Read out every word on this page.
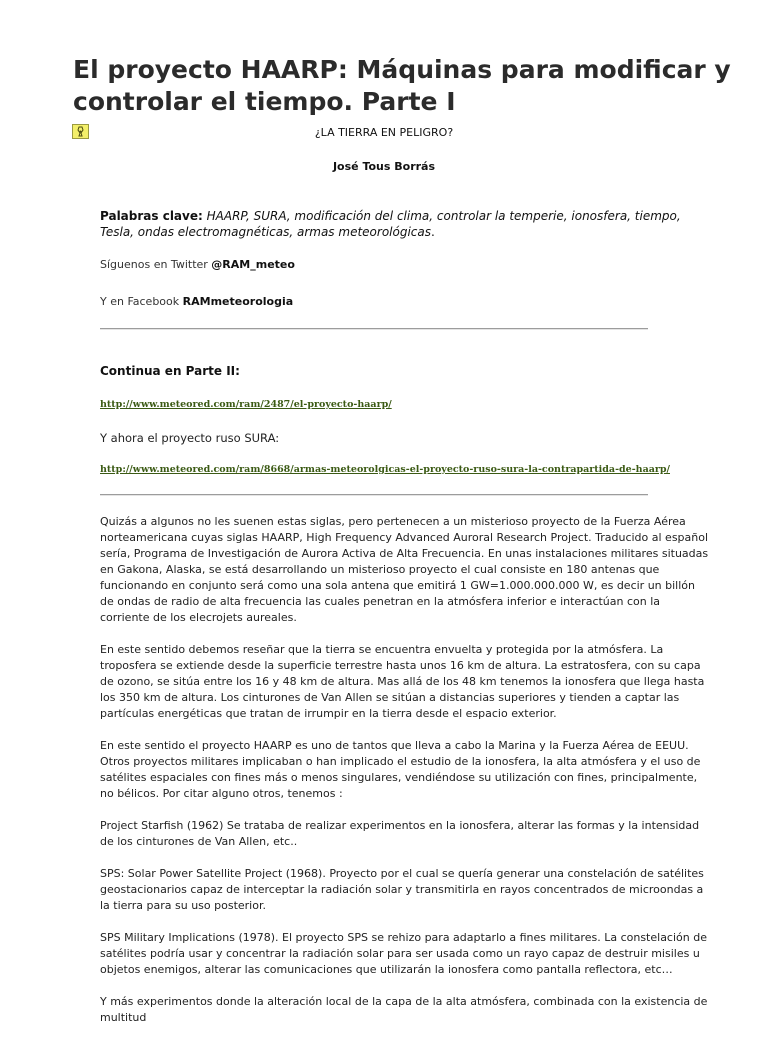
El proyecto HAARP: Máquinas para modificar y controlar el tiempo. Parte I
¿LA TIERRA EN PELIGRO?
José Tous Borrás
Palabras clave: HAARP, SURA, modificación del clima, controlar la temperie, ionosfera, tiempo, Tesla, ondas electromagnéticas, armas meteorológicas.
Síguenos en Twitter @RAM_meteo
Y en Facebook RAMmeteorologia
Continua en Parte II:
http://www.meteored.com/ram/2487/el-proyecto-haarp/
Y ahora el proyecto ruso SURA:
http://www.meteored.com/ram/8668/armas-meteorolgicas-el-proyecto-ruso-sura-la-contrapartida-de-haarp/

Quizás a algunos no les suenen estas siglas, pero pertenecen a un misterioso proyecto de la Fuerza Aérea norteamericana cuyas siglas HAARP, High Frequency Advanced Auroral Research Project. Traducido al español sería, Programa de Investigación de Aurora Activa de Alta Frecuencia. En unas instalaciones militares situadas en Gakona, Alaska, se está desarrollando un misterioso proyecto el cual consiste en 180 antenas que funcionando en conjunto será como una sola antena que emitirá 1 GW=1.000.000.000 W, es decir un billón de ondas de radio de alta frecuencia las cuales penetran en la atmósfera inferior e interactúan con la corriente de los elecrojets aureales.

En este sentido debemos reseñar que la tierra se encuentra envuelta y protegida por la atmósfera. La troposfera se extiende desde la superficie terrestre hasta unos 16 km de altura. La estratosfera, con su capa de ozono, se sitúa entre los 16 y 48 km de altura. Mas allá de los 48 km tenemos la ionosfera que llega hasta los 350 km de altura. Los cinturones de Van Allen se sitúan a distancias superiores y tienden a captar las partículas energéticas que tratan de irrumpir en la tierra desde el espacio exterior.

En este sentido el proyecto HAARP es uno de tantos que lleva a cabo la Marina y la Fuerza Aérea de EEUU. Otros proyectos militares implicaban o han implicado el estudio de la ionosfera, la alta atmósfera y el uso de satélites espaciales con fines más o menos singulares, vendiéndose su utilización con fines, principalmente, no bélicos. Por citar alguno otros, tenemos :

Project Starfish (1962) Se trataba de realizar experimentos en la ionosfera, alterar las formas y la intensidad de los cinturones de Van Allen, etc..

SPS: Solar Power Satellite Project (1968). Proyecto por el cual se quería generar una constelación de satélites geostacionarios capaz de interceptar la radiación solar y transmitirla en rayos concentrados de microondas a la tierra para su uso posterior.

SPS Military Implications (1978). El proyecto SPS se rehizo para adaptarlo a fines militares. La constelación de satélites podría usar y concentrar la radiación solar para ser usada como un rayo capaz de destruir misiles u objetos enemigos, alterar las comunicaciones que utilizarán la ionosfera como pantalla reflectora, etc…

Y más experimentos donde la alteración local de la capa de la alta atmósfera, combinada con la existencia de multitud
